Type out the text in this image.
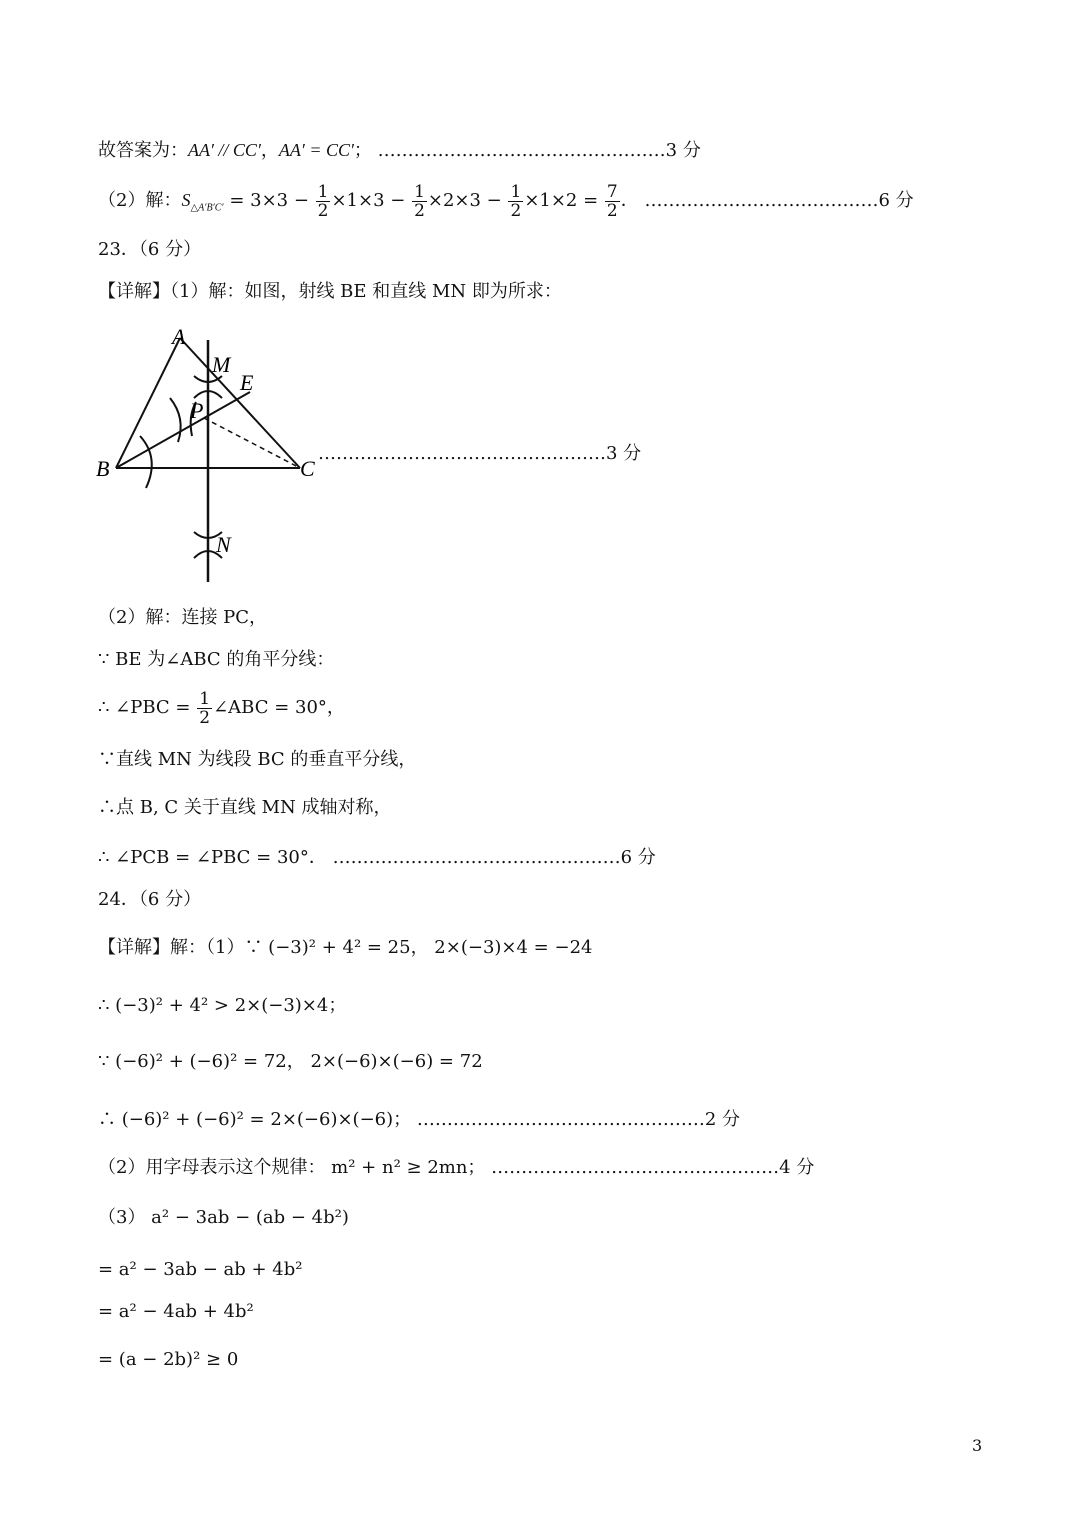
故答案为：AA′ // CC′，AA′ = CC′； …………………………………………3 分
（2）解：$S_{\triangle A'B'C'} = 3\times 3 - \frac{1}{2} \times 1\times 3 - \frac{1}{2} \times 2\times 3 - \frac{1}{2} \times 1\times 2 = \frac{7}{2}$ ． …………………………………6 分
23．（6 分）
【详解】（1）解：如图，射线 BE 和直线 MN 即为所求：
A
M
E
P
B	C
N
…………………………………………3 分
（2）解：连接 PC，
∵ BE 为∠ABC 的角平分线：
∴ ∠PBC = $\frac{1}{2}$ ∠ABC = 30°，
∵直线 MN 为线段 BC 的垂直平分线，
∴点 B, C 关于直线 MN 成轴对称，
∴ ∠PCB = ∠PBC = 30°． …………………………………………6 分
24．（6 分）
【详解】解：（1）∵ (−3)² + 4² = 25， 2×(−3)×4 = −24
∴ (−3)² + 4² > 2×(−3)×4；
∵ (−6)² + (−6)² = 72， 2×(−6)×(−6) = 72
∴ (−6)² + (−6)² = 2×(−6)×(−6)； …………………………………………2 分
（2）用字母表示这个规律： m² + n² ≥ 2mn； …………………………………………4 分
（3） a² − 3ab − (ab − 4b²)
= a² − 3ab − ab + 4b²
= a² − 4ab + 4b²
= (a − 2b)² ≥ 0
3
